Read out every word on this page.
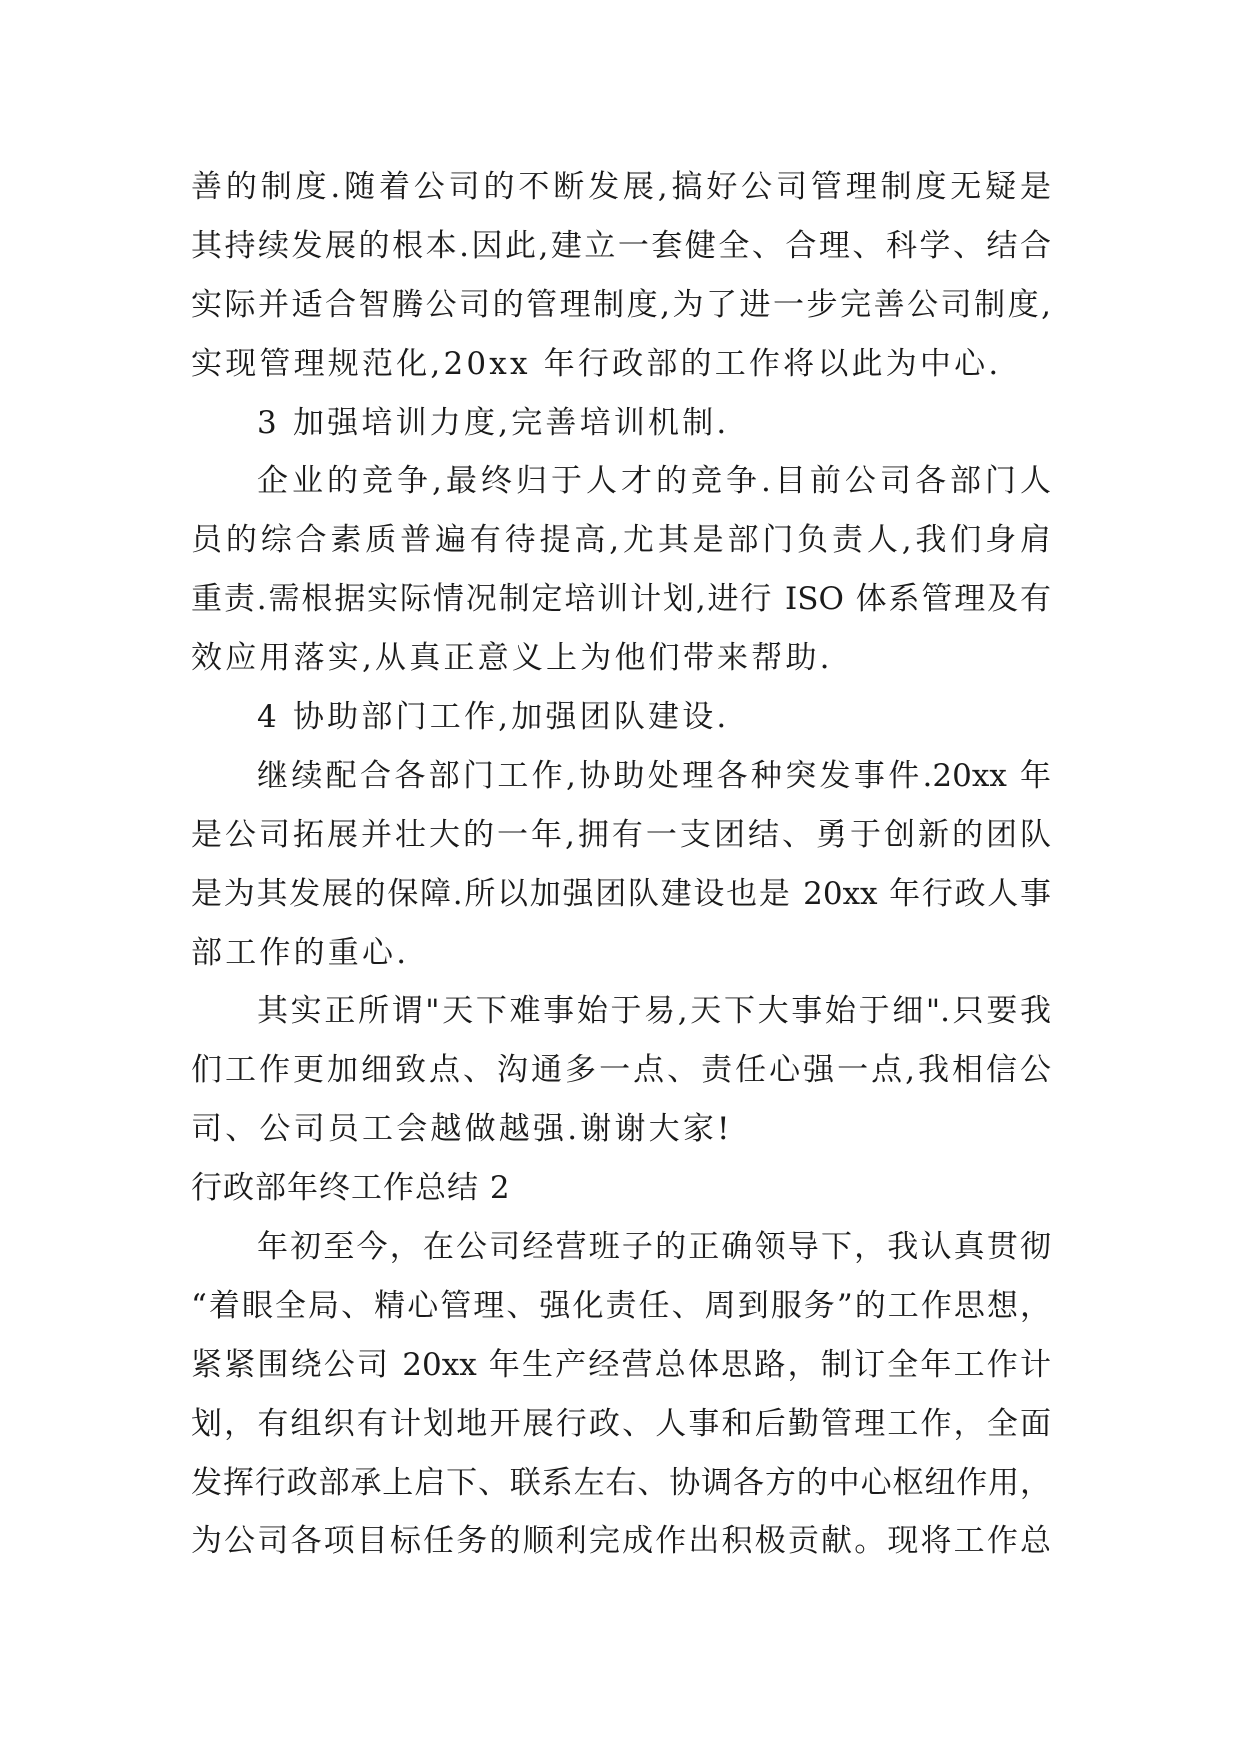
善的制度.随着公司的不断发展,搞好公司管理制度无疑是
其持续发展的根本.因此,建立一套健全、合理、科学、结合
实际并适合智腾公司的管理制度,为了进一步完善公司制度,
实现管理规范化,20xx 年行政部的工作将以此为中心.
3 加强培训力度,完善培训机制.
企业的竞争,最终归于人才的竞争.目前公司各部门人
员的综合素质普遍有待提高,尤其是部门负责人,我们身肩
重责.需根据实际情况制定培训计划,进行 ISO 体系管理及有
效应用落实,从真正意义上为他们带来帮助.
4 协助部门工作,加强团队建设.
继续配合各部门工作,协助处理各种突发事件.20xx 年
是公司拓展并壮大的一年,拥有一支团结、勇于创新的团队
是为其发展的保障.所以加强团队建设也是 20xx 年行政人事
部工作的重心.
其实正所谓"天下难事始于易,天下大事始于细".只要我
们工作更加细致点、沟通多一点、责任心强一点,我相信公
司、公司员工会越做越强.谢谢大家!
行政部年终工作总结 2
年初至今，在公司经营班子的正确领导下，我认真贯彻
“着眼全局、精心管理、强化责任、周到服务”的工作思想，
紧紧围绕公司 20xx 年生产经营总体思路，制订全年工作计
划，有组织有计划地开展行政、人事和后勤管理工作，全面
发挥行政部承上启下、联系左右、协调各方的中心枢纽作用，
为公司各项目标任务的顺利完成作出积极贡献。现将工作总
